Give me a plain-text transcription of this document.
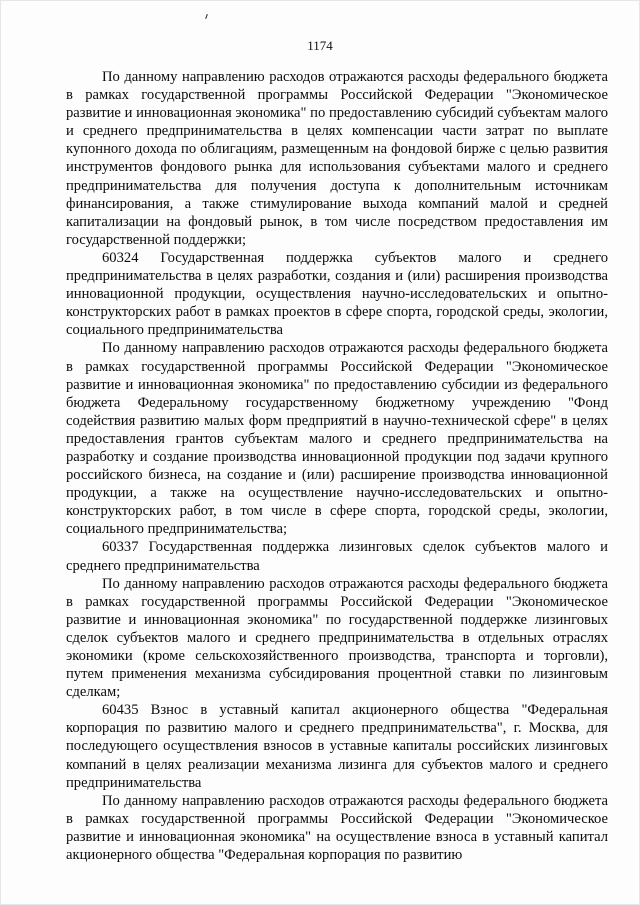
1174

По данному направлению расходов отражаются расходы федерального бюджета в рамках государственной программы Российской Федерации "Экономическое развитие и инновационная экономика" по предоставлению субсидий субъектам малого и среднего предпринимательства в целях компенсации части затрат по выплате купонного дохода по облигациям, размещенным на фондовой бирже с целью развития инструментов фондового рынка для использования субъектами малого и среднего предпринимательства для получения доступа к дополнительным источникам финансирования, а также стимулирование выхода компаний малой и средней капитализации на фондовый рынок, в том числе посредством предоставления им государственной поддержки;

60324 Государственная поддержка субъектов малого и среднего предпринимательства в целях разработки, создания и (или) расширения производства инновационной продукции, осуществления научно-исследовательских и опытно-конструкторских работ в рамках проектов в сфере спорта, городской среды, экологии, социального предпринимательства

По данному направлению расходов отражаются расходы федерального бюджета в рамках государственной программы Российской Федерации "Экономическое развитие и инновационная экономика" по предоставлению субсидии из федерального бюджета Федеральному государственному бюджетному учреждению "Фонд содействия развитию малых форм предприятий в научно-технической сфере" в целях предоставления грантов субъектам малого и среднего предпринимательства на разработку и создание производства инновационной продукции под задачи крупного российского бизнеса, на создание и (или) расширение производства инновационной продукции, а также на осуществление научно-исследовательских и опытно-конструкторских работ, в том числе в сфере спорта, городской среды, экологии, социального предпринимательства;

60337 Государственная поддержка лизинговых сделок субъектов малого и среднего предпринимательства

По данному направлению расходов отражаются расходы федерального бюджета в рамках государственной программы Российской Федерации "Экономическое развитие и инновационная экономика" по государственной поддержке лизинговых сделок субъектов малого и среднего предпринимательства в отдельных отраслях экономики (кроме сельскохозяйственного производства, транспорта и торговли), путем применения механизма субсидирования процентной ставки по лизинговым сделкам;

60435 Взнос в уставный капитал акционерного общества "Федеральная корпорация по развитию малого и среднего предпринимательства", г. Москва, для последующего осуществления взносов в уставные капиталы российских лизинговых компаний в целях реализации механизма лизинга для субъектов малого и среднего предпринимательства

По данному направлению расходов отражаются расходы федерального бюджета в рамках государственной программы Российской Федерации "Экономическое развитие и инновационная экономика" на осуществление взноса в уставный капитал акционерного общества "Федеральная корпорация по развитию
